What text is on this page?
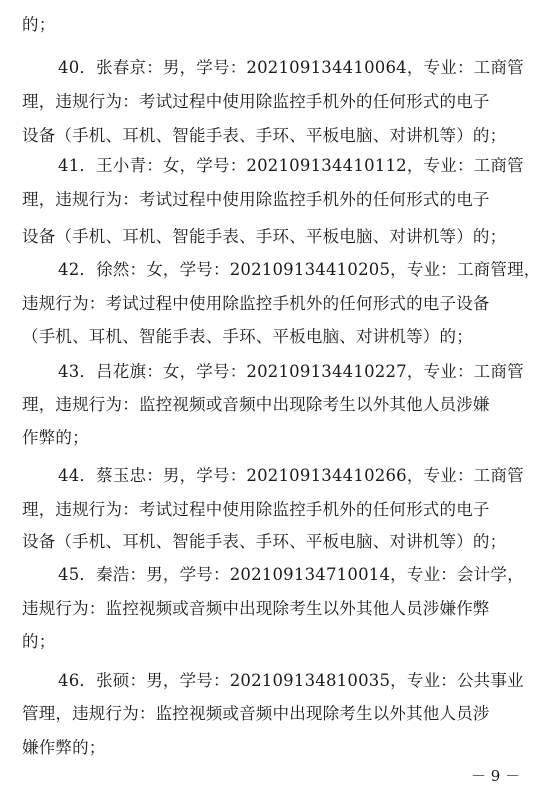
的；
40．张春京：男，学号：202109134410064，专业：工商管
理，违规行为：考试过程中使用除监控手机外的任何形式的电子
设备（手机、耳机、智能手表、手环、平板电脑、对讲机等）的；
41．王小青：女，学号：202109134410112，专业：工商管
理，违规行为：考试过程中使用除监控手机外的任何形式的电子
设备（手机、耳机、智能手表、手环、平板电脑、对讲机等）的；
42．徐然：女，学号：202109134410205，专业：工商管理，
违规行为：考试过程中使用除监控手机外的任何形式的电子设备
（手机、耳机、智能手表、手环、平板电脑、对讲机等）的；
43．吕花旗：女，学号：202109134410227，专业：工商管
理，违规行为：监控视频或音频中出现除考生以外其他人员涉嫌
作弊的；
44．蔡玉忠：男，学号：202109134410266，专业：工商管
理，违规行为：考试过程中使用除监控手机外的任何形式的电子
设备（手机、耳机、智能手表、手环、平板电脑、对讲机等）的；
45．秦浩：男，学号：202109134710014，专业：会计学，
违规行为：监控视频或音频中出现除考生以外其他人员涉嫌作弊
的；
46．张硕：男，学号：202109134810035，专业：公共事业
管理，违规行为：监控视频或音频中出现除考生以外其他人员涉
嫌作弊的；
－ 9 －
